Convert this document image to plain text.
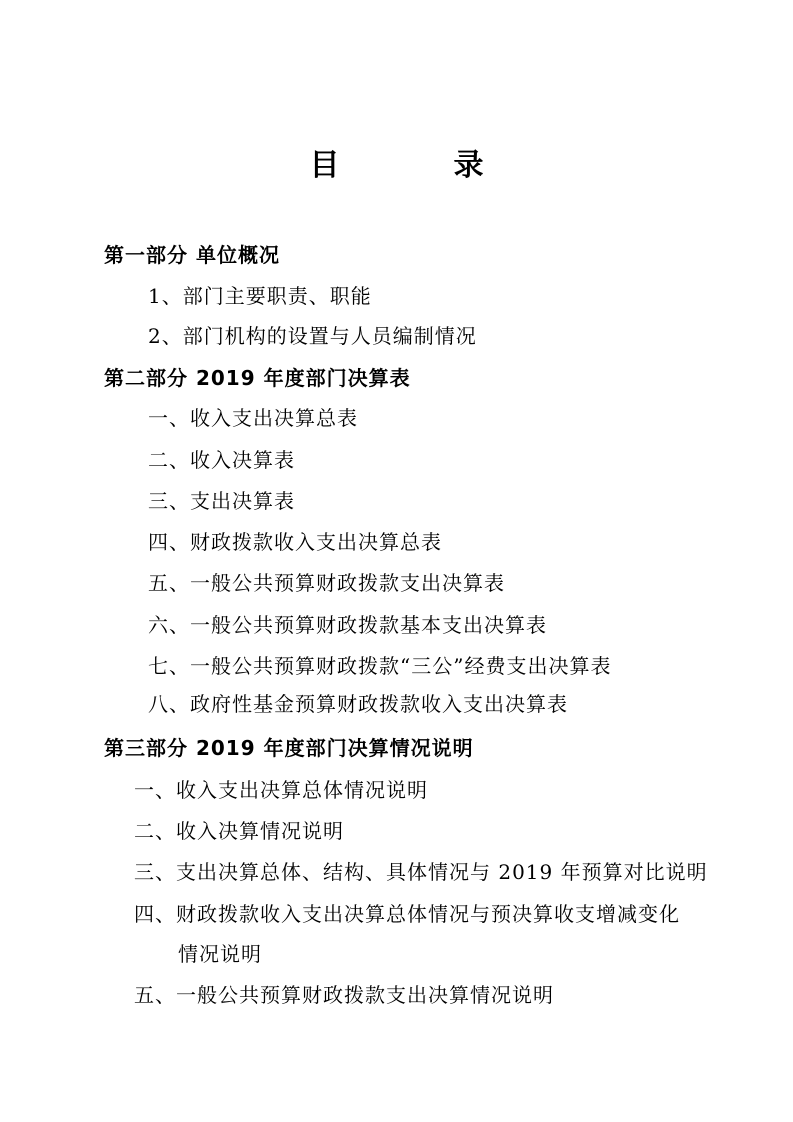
目　录
第一部分 单位概况
1、部门主要职责、职能
2、部门机构的设置与人员编制情况
第二部分 2019 年度部门决算表
一、收入支出决算总表
二、收入决算表
三、支出决算表
四、财政拨款收入支出决算总表
五、一般公共预算财政拨款支出决算表
六、一般公共预算财政拨款基本支出决算表
七、一般公共预算财政拨款“三公”经费支出决算表
八、政府性基金预算财政拨款收入支出决算表
第三部分 2019 年度部门决算情况说明
一、收入支出决算总体情况说明
二、收入决算情况说明
三、支出决算总体、结构、具体情况与 2019 年预算对比说明
四、财政拨款收入支出决算总体情况与预决算收支增减变化
情况说明
五、一般公共预算财政拨款支出决算情况说明
